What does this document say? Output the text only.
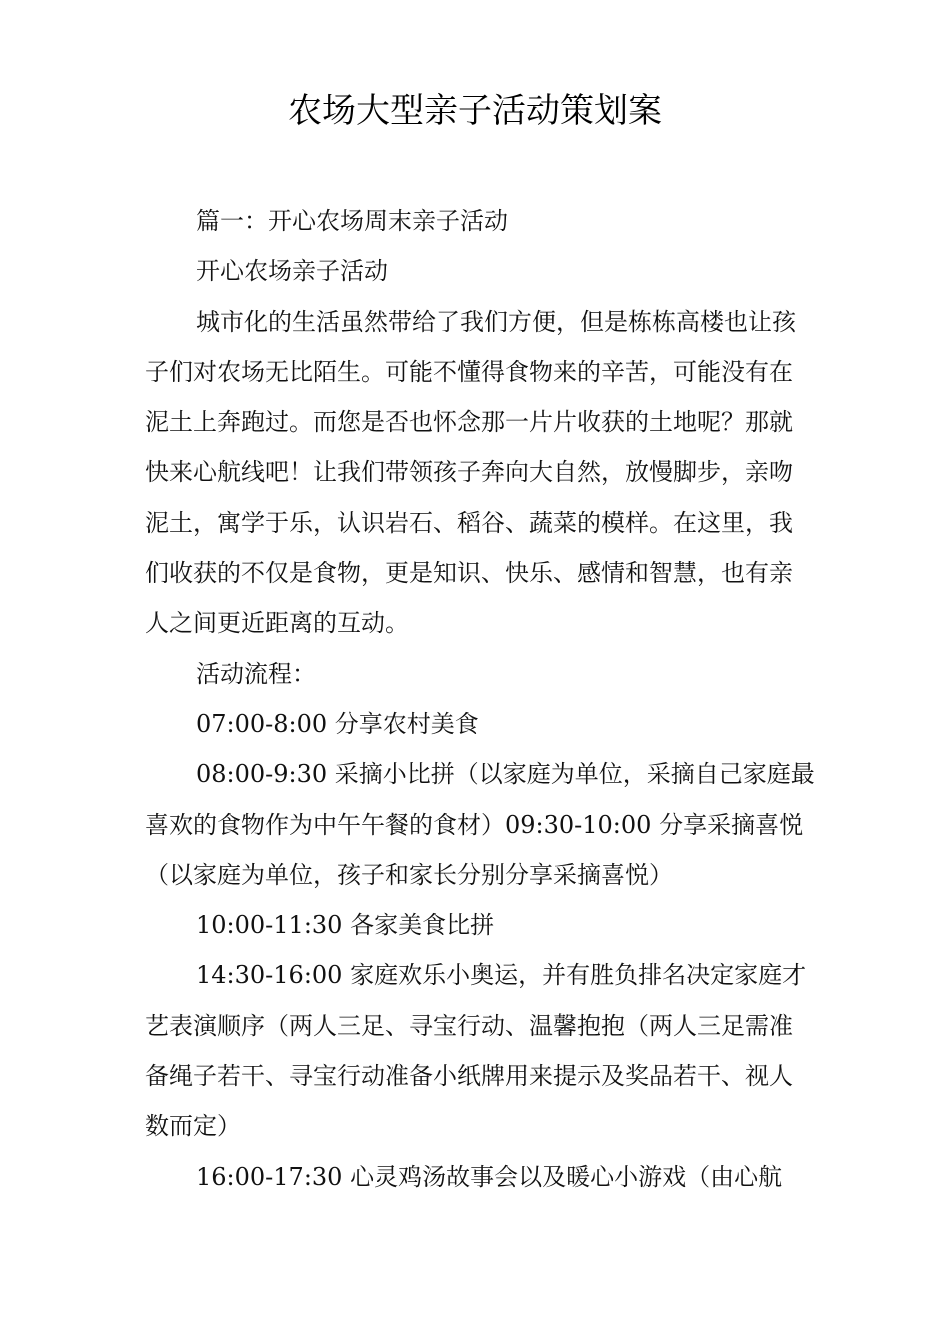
农场大型亲子活动策划案

篇一：开心农场周末亲子活动

开心农场亲子活动

城市化的生活虽然带给了我们方便，但是栋栋高楼也让孩子们对农场无比陌生。可能不懂得食物来的辛苦，可能没有在泥土上奔跑过。而您是否也怀念那一片片收获的土地呢？那就快来心航线吧！让我们带领孩子奔向大自然，放慢脚步，亲吻泥土，寓学于乐，认识岩石、稻谷、蔬菜的模样。在这里，我们收获的不仅是食物，更是知识、快乐、感情和智慧，也有亲人之间更近距离的互动。

活动流程：

07:00-8:00 分享农村美食

08:00-9:30 采摘小比拼（以家庭为单位，采摘自己家庭最喜欢的食物作为中午午餐的食材）09:30-10:00 分享采摘喜悦（以家庭为单位，孩子和家长分别分享采摘喜悦）

10:00-11:30 各家美食比拼

14:30-16:00 家庭欢乐小奥运，并有胜负排名决定家庭才艺表演顺序（两人三足、寻宝行动、温馨抱抱（两人三足需准备绳子若干、寻宝行动准备小纸牌用来提示及奖品若干、视人数而定）

16:00-17:30 心灵鸡汤故事会以及暖心小游戏（由心航
